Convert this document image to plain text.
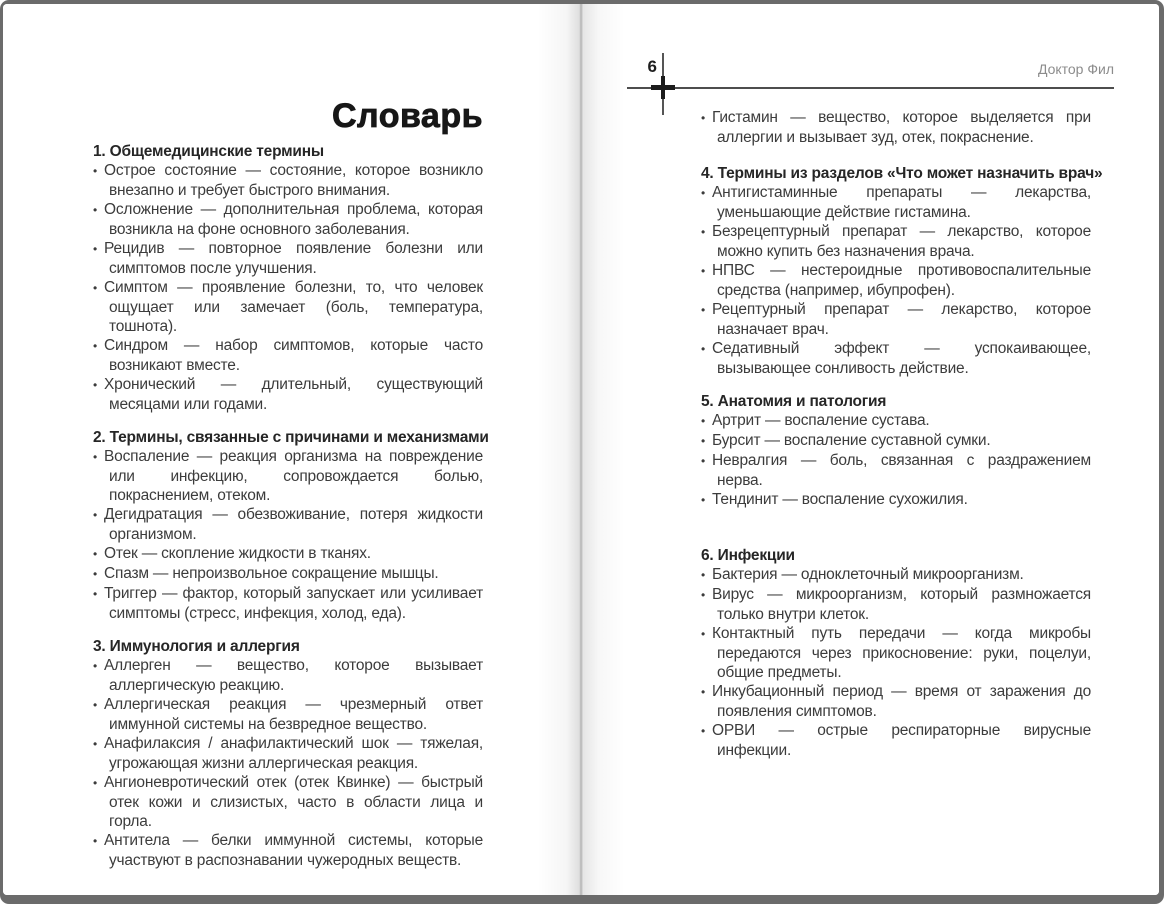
Словарь
1. Общемедицинские термины

• Острое состояние — состояние, которое возникло внезапно и требует быстрого внимания.

• Осложнение — дополнительная проблема, которая возникла на фоне основного заболевания.

• Рецидив — повторное появление болезни или симптомов после улучшения.

• Симптом — проявление болезни, то, что человек ощущает или замечает (боль, температура, тошнота).

• Синдром — набор симптомов, которые часто возникают вместе.

• Хронический — длительный, существующий месяцами или годами.

2. Термины, связанные с причинами и механизмами

• Воспаление — реакция организма на повреждение или инфекцию, сопровождается болью, покраснением, отеком.

• Дегидратация — обезвоживание, потеря жидкости организмом.

• Отек — скопление жидкости в тканях.

• Спазм — непроизвольное сокращение мышцы.

• Триггер — фактор, который запускает или усиливает симптомы (стресс, инфекция, холод, еда).

3. Иммунология и аллергия

• Аллерген — вещество, которое вызывает аллергическую реакцию.

• Аллергическая реакция — чрезмерный ответ иммунной системы на безвредное вещество.

• Анафилаксия / анафилактический шок — тяжелая, угрожающая жизни аллергическая реакция.

• Ангионевротический отек (отек Квинке) — быстрый отек кожи и слизистых, часто в области лица и горла.

• Антитела — белки иммунной системы, которые участвуют в распознавании чужеродных веществ.

6	Доктор Фил

• Гистамин — вещество, которое выделяется при аллергии и вызывает зуд, отек, покраснение.

4. Термины из разделов «Что может назначить врач»

• Антигистаминные препараты — лекарства, уменьшающие действие гистамина.

• Безрецептурный препарат — лекарство, которое можно купить без назначения врача.

• НПВС — нестероидные противовоспалительные средства (например, ибупрофен).

• Рецептурный препарат — лекарство, которое назначает врач.

• Седативный эффект — успокаивающее, вызывающее сонливость действие.

5. Анатомия и патология

• Артрит — воспаление сустава.

• Бурсит — воспаление суставной сумки.

• Невралгия — боль, связанная с раздражением нерва.

• Тендинит — воспаление сухожилия.

6. Инфекции

• Бактерия — одноклеточный микроорганизм.

• Вирус — микроорганизм, который размножается только внутри клеток.

• Контактный путь передачи — когда микробы передаются через прикосновение: руки, поцелуи, общие предметы.

• Инкубационный период — время от заражения до появления симптомов.

• ОРВИ — острые респираторные вирусные инфекции.
